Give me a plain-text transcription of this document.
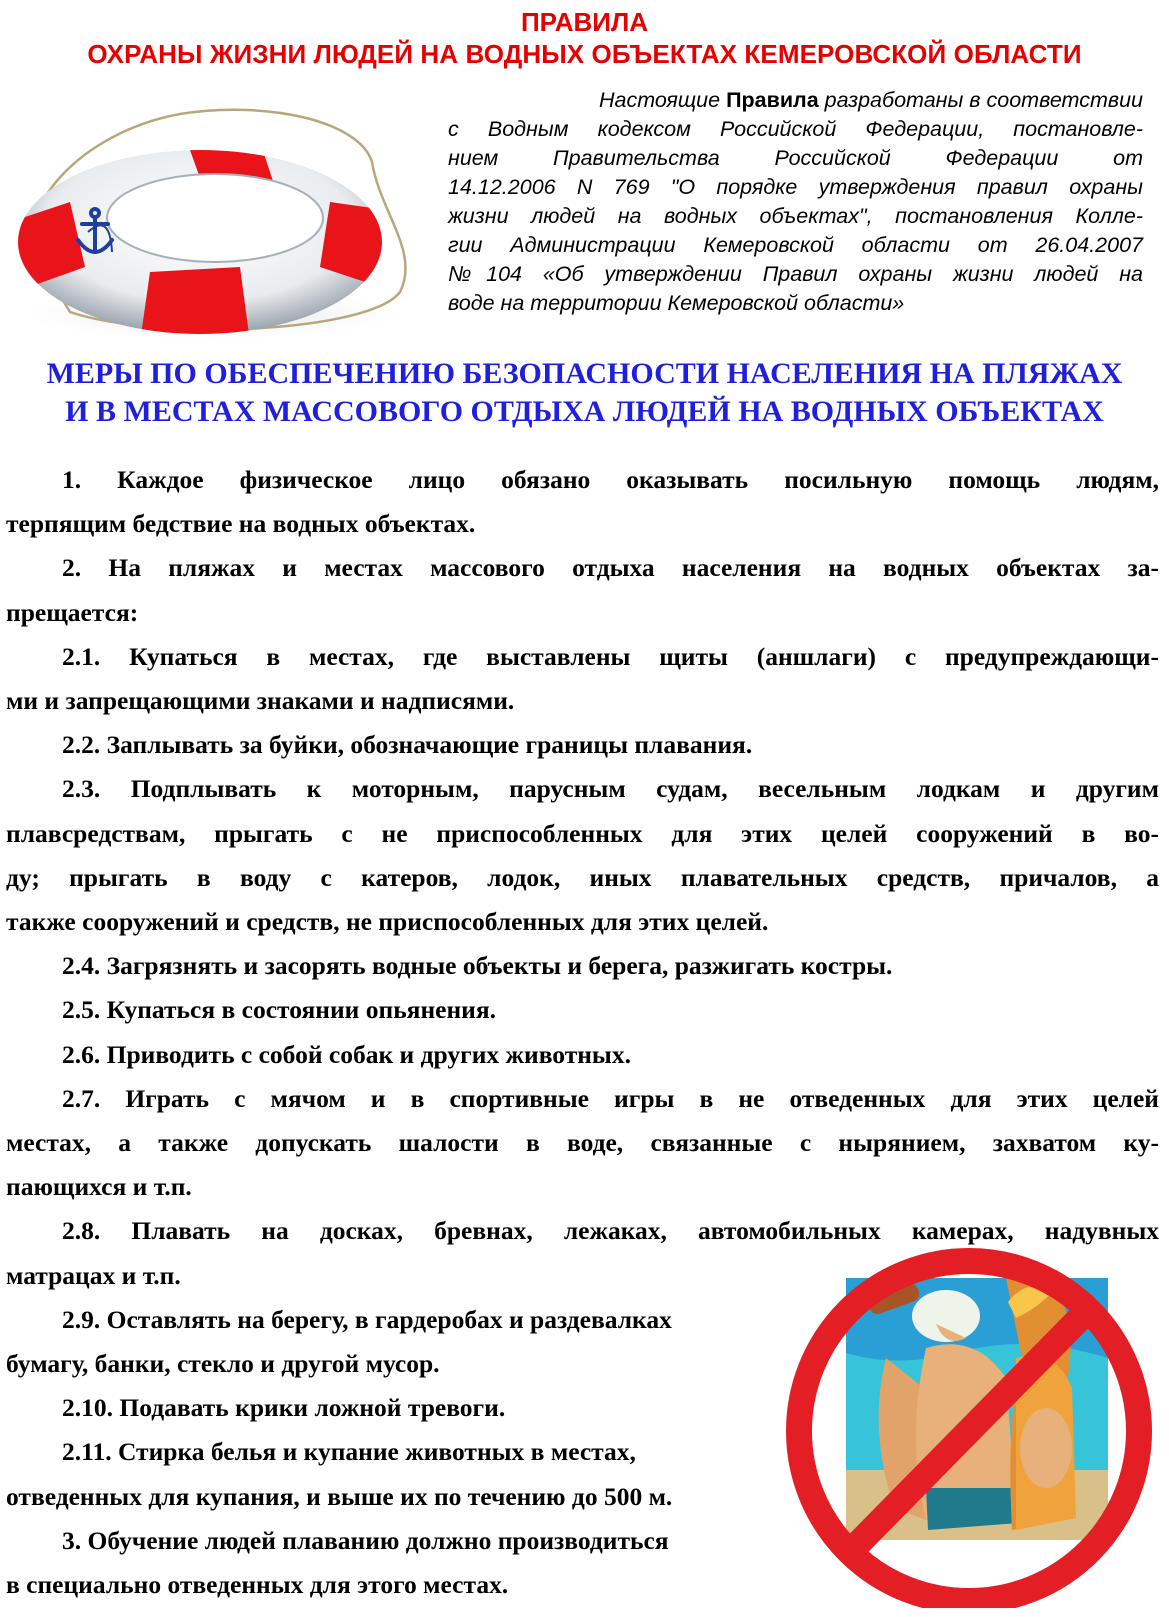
ПРАВИЛА
ОХРАНЫ ЖИЗНИ ЛЮДЕЙ НА ВОДНЫХ ОБЪЕКТАХ КЕМЕРОВСКОЙ ОБЛАСТИ
Настоящие Правила разработаны в соответствии
с Водным кодексом Российской Федерации, постановле-
нием Правительства Российской Федерации от
14.12.2006 N 769 "О порядке утверждения правил охраны
жизни людей на водных объектах", постановления Колле-
гии Администрации Кемеровской области от 26.04.2007
№104 «Об утверждении Правил охраны жизни людей на
воде на территории Кемеровской области»
МЕРЫ ПО ОБЕСПЕЧЕНИЮ БЕЗОПАСНОСТИ НАСЕЛЕНИЯ НА ПЛЯЖАХ
И В МЕСТАХ МАССОВОГО ОТДЫХА ЛЮДЕЙ НА ВОДНЫХ ОБЪЕКТАХ
1. Каждое физическое лицо обязано оказывать посильную помощь людям,
терпящим бедствие на водных объектах.
2. На пляжах и местах массового отдыха населения на водных объектах за-
прещается:
2.1. Купаться в местах, где выставлены щиты (аншлаги) с предупреждающи-
ми и запрещающими знаками и надписями.
2.2. Заплывать за буйки, обозначающие границы плавания.
2.3. Подплывать к моторным, парусным судам, весельным лодкам и другим
плавсредствам, прыгать с не приспособленных для этих целей сооружений в во-
ду; прыгать в воду с катеров, лодок, иных плавательных средств, причалов, а
также сооружений и средств, не приспособленных для этих целей.
2.4. Загрязнять и засорять водные объекты и берега, разжигать костры.
2.5. Купаться в состоянии опьянения.
2.6. Приводить с собой собак и других животных.
2.7. Играть с мячом и в спортивные игры в не отведенных для этих целей
местах, а также допускать шалости в воде, связанные с нырянием, захватом ку-
пающихся и т.п.
2.8. Плавать на досках, бревнах, лежаках, автомобильных камерах, надувных
матрацах и т.п.
2.9. Оставлять на берегу, в гардеробах и раздевалках
бумагу, банки, стекло и другой мусор.
2.10. Подавать крики ложной тревоги.
2.11. Стирка белья и купание животных в местах,
отведенных для купания, и выше их по течению до 500 м.
3. Обучение людей плаванию должно производиться
в специально отведенных для этого местах.
